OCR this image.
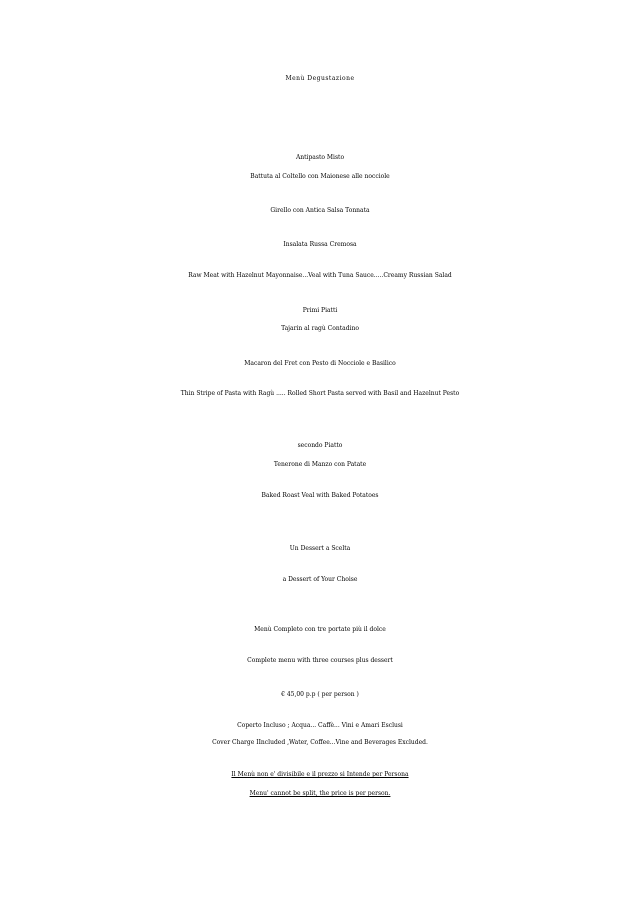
Menù Degustazione
Antipasto Misto
Battuta al Coltello con Maionese alle nocciole
Girello con Antica Salsa Tonnata
Insalata Russa Cremosa
Raw Meat with Hazelnut Mayonnaise...Veal with Tuna Sauce.....Creamy Russian Salad
Primi Piatti
Tajarin al ragù Contadino
Macaron del Fret con Pesto di Nocciole e Basilico
Thin Stripe of Pasta with Ragù ..... Rolled Short Pasta served with Basil and Hazelnut Pesto
secondo Piatto
Tenerone di Manzo con Patate
Baked Roast Veal with Baked Potatoes
Un Dessert a Scelta
a Dessert of Your Choise
Menù Completo con tre portate più il dolce
Complete menu with three courses plus dessert
€ 45,00 p.p ( per person )
Coperto Incluso ; Acqua... Caffè... Vini e Amari Esclusi
Cover Charge IIncluded ,Water, Coffee...Vine and Beverages Excluded.
Il Menù non e' divisibile e il prezzo si Intende per Persona
Menu' cannot be split, the price is per person.
